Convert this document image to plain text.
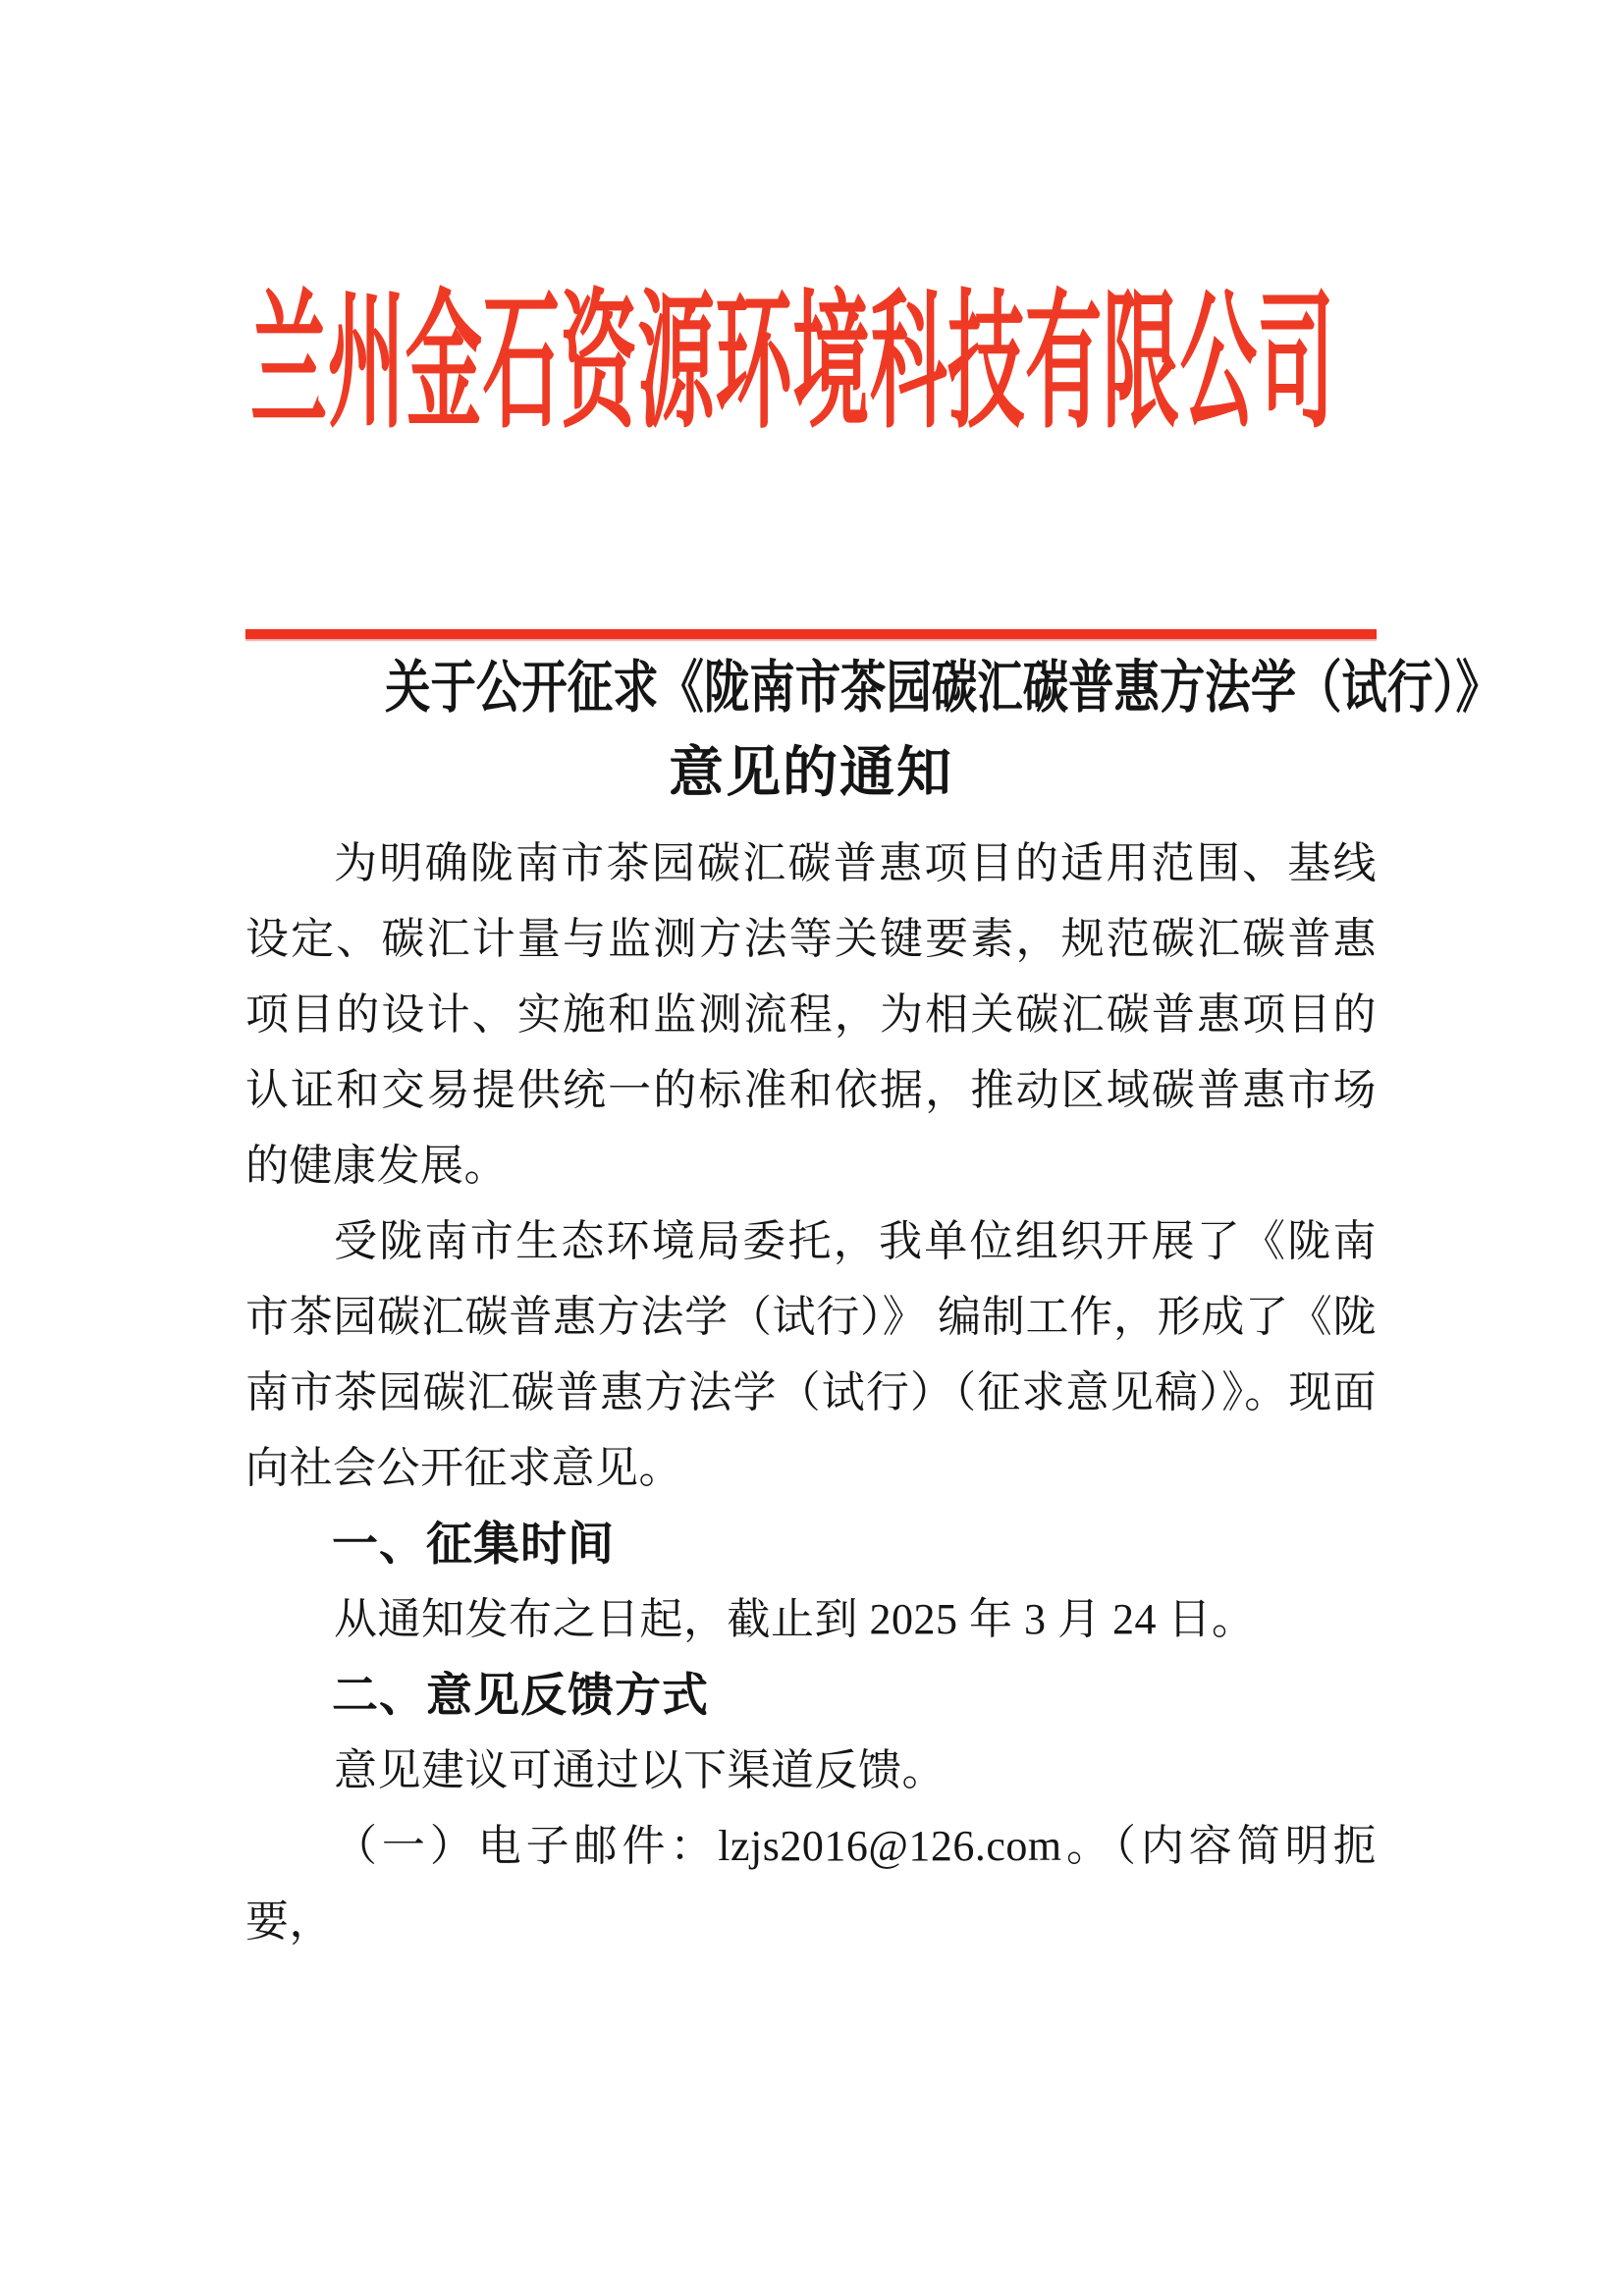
兰州金石资源环境科技有限公司
关于公开征求《陇南市茶园碳汇碳普惠方法学（试行）》
意见的通知
为明确陇南市茶园碳汇碳普惠项目的适用范围、基线设定、碳汇计量与监测方法等关键要素，规范碳汇碳普惠项目的设计、实施和监测流程，为相关碳汇碳普惠项目的认证和交易提供统一的标准和依据，推动区域碳普惠市场的健康发展。
受陇南市生态环境局委托，我单位组织开展了《陇南市茶园碳汇碳普惠方法学（试行）》 编制工作，形成了《陇南市茶园碳汇碳普惠方法学（试行）（征求意见稿）》。现面向社会公开征求意见。
一、征集时间
从通知发布之日起，截止到 2025 年 3 月 24 日。
二、意见反馈方式
意见建议可通过以下渠道反馈。
（一）电子邮件：lzjs2016@126.com。（内容简明扼要，
